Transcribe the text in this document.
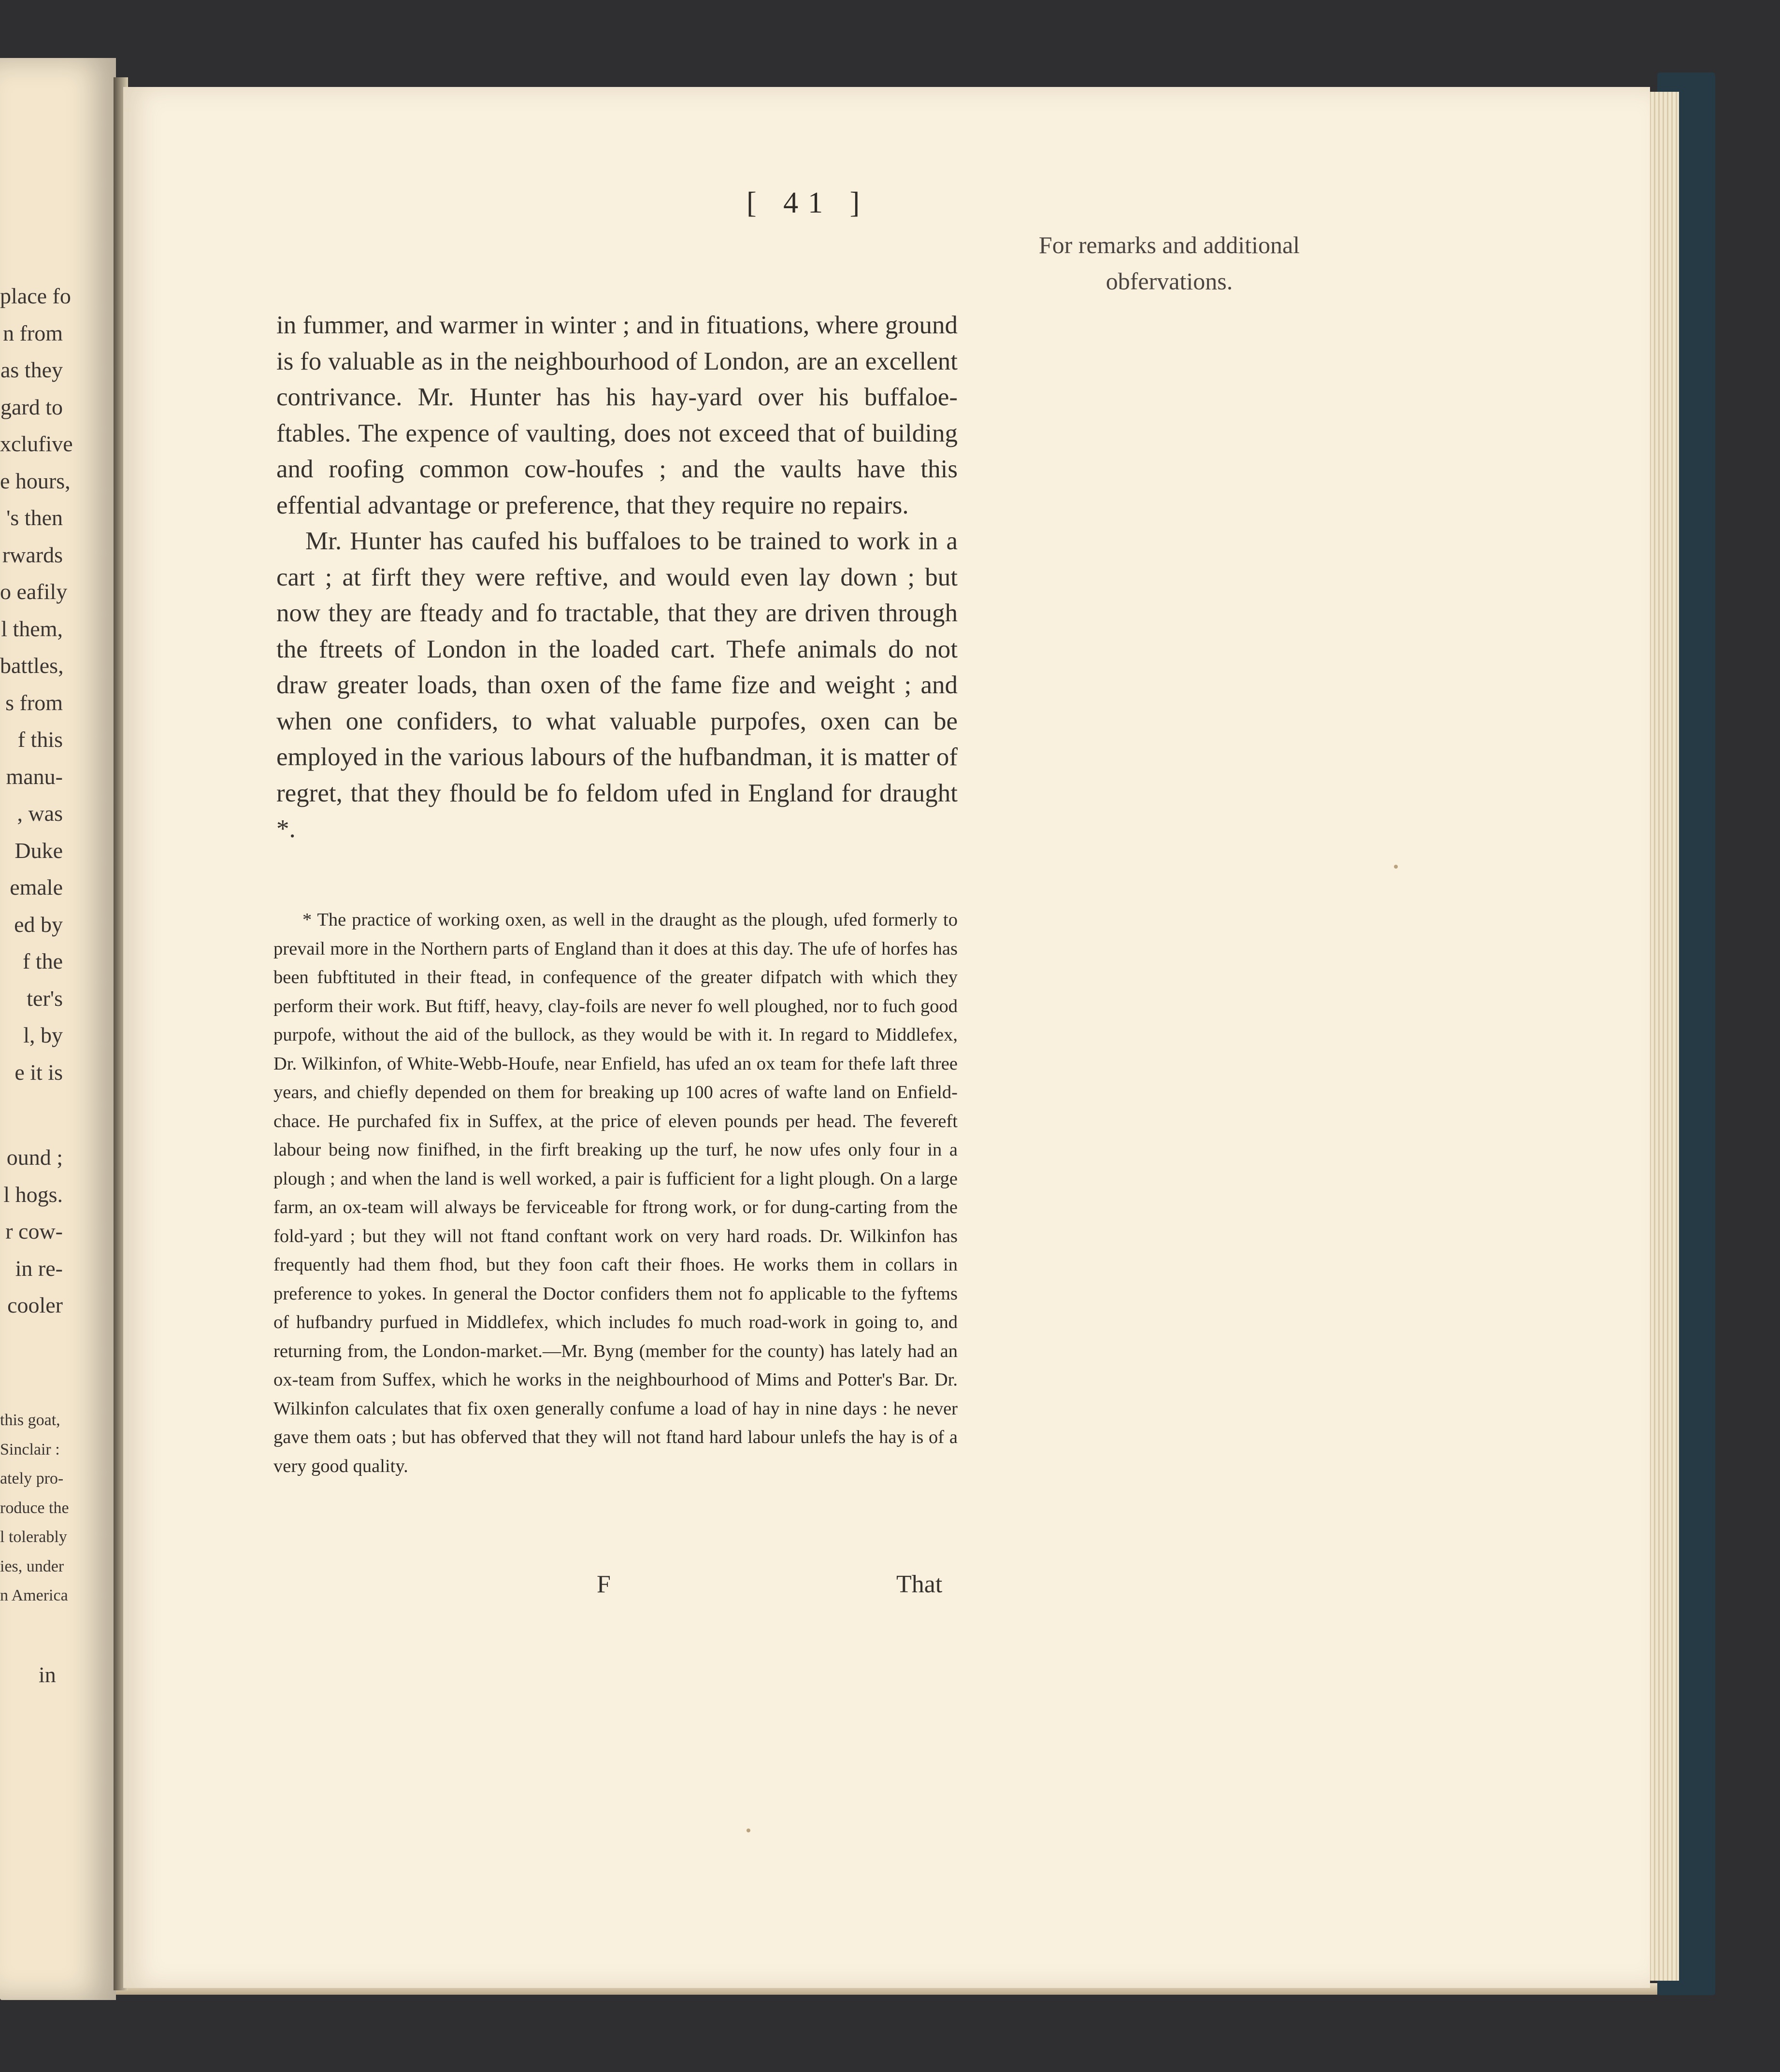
place fo
n from
as they
gard to
xclufive
e hours,
's then
rwards
o eafily
l them,
battles,
s from
f this
manu-
, was
Duke
emale
ed by
f the
ter's
l, by
e it is
ound ;
l hogs.
r cow-
in re-
cooler
this goat,
Sinclair :
ately pro-
roduce the
l tolerably
ies, under
n America
in
[ 41 ]
For remarks and additional obfervations.

in fummer, and warmer in winter ; and in fituations, where ground is fo valuable as in the neighbourhood of London, are an excellent contrivance. Mr. Hunter has his hay-yard over his buffaloe-ftables. The expence of vaulting, does not exceed that of building and roofing common cow-houfes ; and the vaults have this effential advantage or preference, that they require no repairs.

Mr. Hunter has caufed his buffaloes to be trained to work in a cart ; at firft they were reftive, and would even lay down ; but now they are fteady and fo tractable, that they are driven through the ftreets of London in the loaded cart. Thefe animals do not draw greater loads, than oxen of the fame fize and weight ; and when one confiders, to what valuable purpofes, oxen can be employed in the various labours of the hufbandman, it is matter of regret, that they fhould be fo feldom ufed in England for draught *.

* The practice of working oxen, as well in the draught as the plough, ufed formerly to prevail more in the Northern parts of England than it does at this day. The ufe of horfes has been fubftituted in their ftead, in confequence of the greater difpatch with which they perform their work. But ftiff, heavy, clay-foils are never fo well ploughed, nor to fuch good purpofe, without the aid of the bullock, as they would be with it. In regard to Middlefex, Dr. Wilkinfon, of White-Webb-Houfe, near Enfield, has ufed an ox team for thefe laft three years, and chiefly depended on them for breaking up 100 acres of wafte land on Enfield-chace. He purchafed fix in Suffex, at the price of eleven pounds per head. The fevereft labour being now finifhed, in the firft breaking up the turf, he now ufes only four in a plough ; and when the land is well worked, a pair is fufficient for a light plough. On a large farm, an ox-team will always be ferviceable for ftrong work, or for dung-carting from the fold-yard ; but they will not ftand conftant work on very hard roads. Dr. Wilkinfon has frequently had them fhod, but they foon caft their fhoes. He works them in collars in preference to yokes. In general the Doctor confiders them not fo applicable to the fyftems of hufbandry purfued in Middlefex, which includes fo much road-work in going to, and returning from, the London-market.—Mr. Byng (member for the county) has lately had an ox-team from Suffex, which he works in the neighbourhood of Mims and Potter's Bar. Dr. Wilkinfon calculates that fix oxen generally confume a load of hay in nine days : he never gave them oats ; but has obferved that they will not ftand hard labour unlefs the hay is of a very good quality.

F	That
